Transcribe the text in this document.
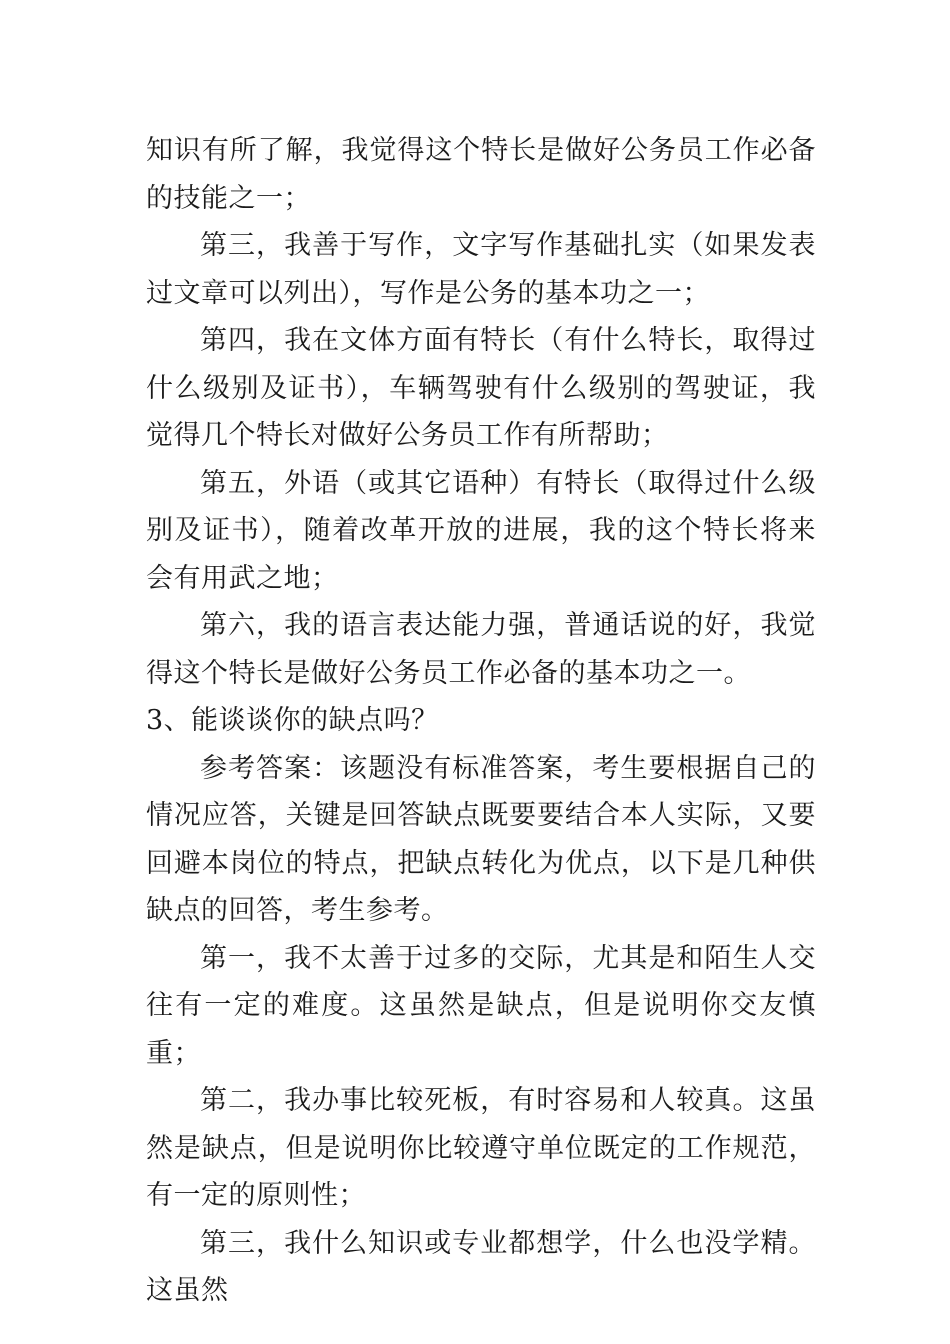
知识有所了解，我觉得这个特长是做好公务员工作必备的技能之一；

第三，我善于写作，文字写作基础扎实（如果发表过文章可以列出），写作是公务的基本功之一；

第四，我在文体方面有特长（有什么特长，取得过什么级别及证书），车辆驾驶有什么级别的驾驶证，我觉得几个特长对做好公务员工作有所帮助；

第五，外语（或其它语种）有特长（取得过什么级别及证书），随着改革开放的进展，我的这个特长将来会有用武之地；

第六，我的语言表达能力强，普通话说的好，我觉得这个特长是做好公务员工作必备的基本功之一。

3、能谈谈你的缺点吗？

参考答案：该题没有标准答案，考生要根据自己的情况应答，关键是回答缺点既要要结合本人实际，又要回避本岗位的特点，把缺点转化为优点，以下是几种供缺点的回答，考生参考。

第一，我不太善于过多的交际，尤其是和陌生人交往有一定的难度。这虽然是缺点，但是说明你交友慎重；

第二，我办事比较死板，有时容易和人较真。这虽然是缺点，但是说明你比较遵守单位既定的工作规范，有一定的原则性；

第三，我什么知识或专业都想学，什么也没学精。这虽然
